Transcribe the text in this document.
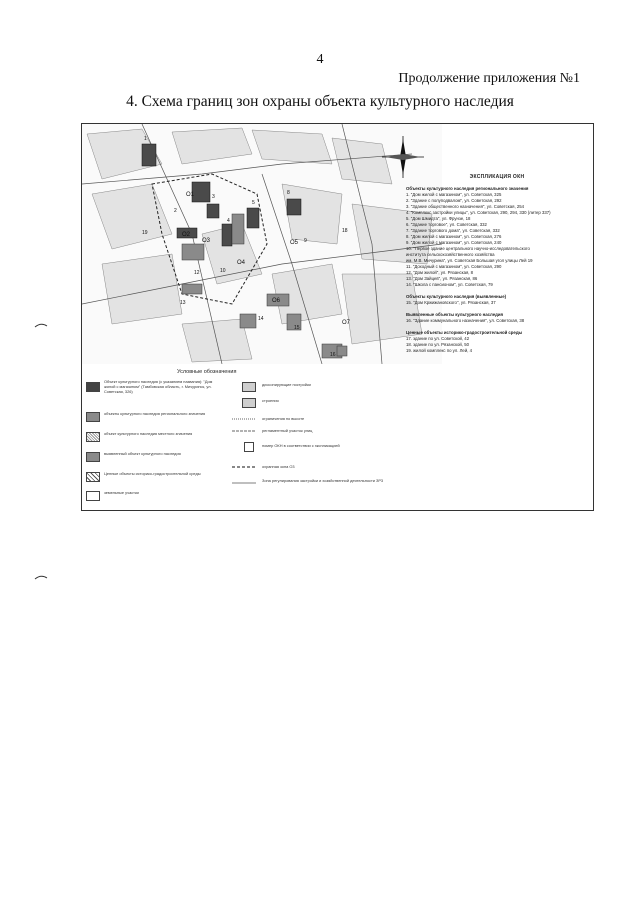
4
Продолжение приложения №1
4. Схема границ зон охраны объекта культурного наследия
O1
O2
O3
O4
O5
O6
O7
1
2
3
4
5
8
9
10
12
13
14
15
16
18
19
ЭКСПЛИКАЦИЯ ОКН
Объекты культурного наследия регионального значения
1. "Дом жилой с магазином", ул. Советская, 325
2. "Здание с полуподвалом", ул. Советская, 292
3. "Здание общественного назначения", ул. Советская, 254
4. "Комплекс застройки улицы", ул. Советская, 290, 294, 330 (литер 337)
5. "Дом Шмидта", ул. Фрунзе, 18
6. "Здание торговое", ул. Советская, 332
7. "Здание торгового дома", ул. Советская, 332
8. "Дом жилой с магазином", ул. Советская, 276
9. "Дом жилой с магазином", ул. Советская, 240
10. "Первое здание центрального научно-исследовательского
института сельскохозяйственного хозяйства
им. М.В. Мичурина", ул. Советская Большая угол улицы Лей 19
11. "Доходный с магазином", ул. Советская, 290
12. "Дом жилой", ул. Рязанская, 8
13. "Дом Зайцев", ул. Рязанская, 86
14. "Школа с пансионом", ул. Советская, 79
Объекты культурного наследия (выявленные)
15. "Дом Кржижановского", ул. Рязанская, 37
Выявленные объекты культурного наследия
16. "Здание коммунального назначения", ул. Советская, 38
Ценные объекты историко-градостроительной среды
17. здание по ул. Советской, 42
18. здание по ул. Рязанской, 50
19. жилой комплекс по ул. Лей, 4
Условные обозначения
Объект культурного наследия (с указанием названия): "Дом жилой с магазином" (Тамбовская область, г. Мичуринск, ул. Советская, 326)
объекты культурного наследия регионального значения
объект культурного наследия местного значения
выявленный объект культурного наследия
Ценные объекты историко-градостроительной среды
земельные участки
диссонирующие постройки
строения
ограничения по высоте
регламентный участок улиц
номер ОКН в соответствии с экспликацией
охранная зона О3
Зона регулирования застройки и хозяйственной деятельности ЗР3
